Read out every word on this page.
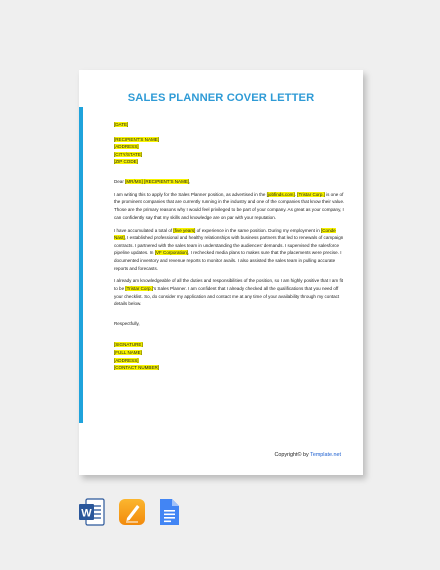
SALES PLANNER COVER LETTER
[DATE]
[RECIPIENT'S NAME]
[ADDRESS]
[CITY/STATE]
[ZIP CODE]
Dear [MR/MS] [RECIPIENT'S NAME],
I am writing this to apply for the Sales Planner position, as advertised in the [jobfinds.com]. [Tristar Corp.] is one of the prominent companies that are currently running in the industry and one of the companies that know their value. Those are the primary reasons why I would feel privileged to be part of your company. As great as your company, I can confidently say that my skills and knowledge are on par with your reputation.
I have accumulated a total of [five years] of experience in the same position. During my employment in [Conde Nast], I established professional and healthy relationships with business partners that led to renewals of campaign contracts. I partnered with the sales team in understanding the audiences' demands. I supervised the salesforce pipeline updates. In [VF Corporation], I rechecked media plans to makes sure that the placements were precise. I documented inventory and revenue reports to monitor avails. I also assisted the sales team in pulling accurate reports and forecasts.
I already am knowledgeable of all the duties and responsibilities of the position, so I am highly positive that I am fit to be [Tristar Corp.]'s Sales Planner. I am confident that I already checked all the qualifications that you need off your checklist. So, do consider my application and contact me at any time of your availability through my contact details below.
Respectfully,
[SIGNATURE]
[FULL NAME]
[ADDRESS]
[CONTACT NUMBER]
Copyright© by Template.net
W
